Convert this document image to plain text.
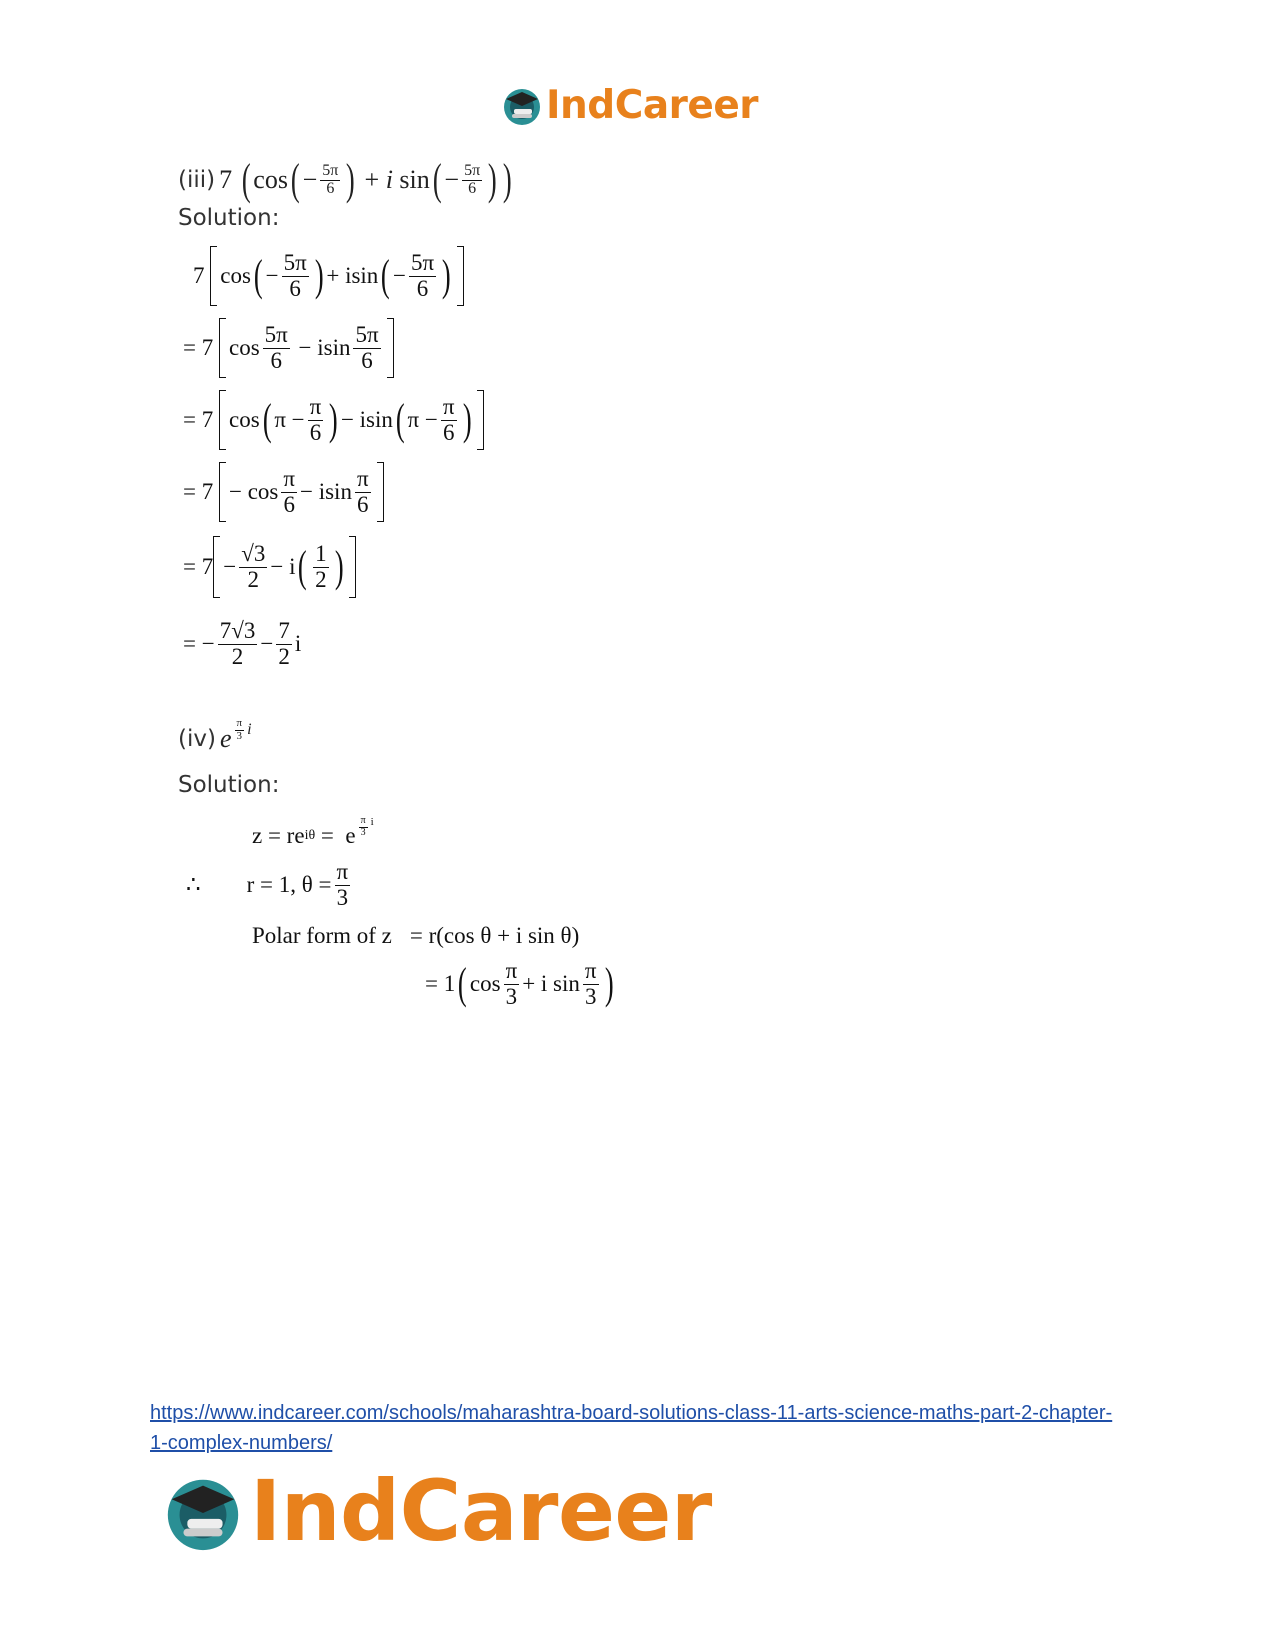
IndCareer
(iii) 7 ( cos ( − $\frac{5\pi}{6}$ ) + i sin ( − $\frac{5\pi}{6}$ ) )
Solution:
7
cos ( − $\frac{5\pi}{6}$ ) + isin ( − $\frac{5\pi}{6}$ )
= 7
$\cos \frac{5\pi}{6} - isin \frac{5\pi}{6}$
= 7
cos ( $\pi - \frac{\pi}{6}$ ) − isin ( $\pi - \frac{\pi}{6}$ )
= 7
− $\cos \frac{\pi}{6} - isin \frac{\pi}{6}$
= $7 - \frac{√3}{2} - i$ ( $\frac{1}{2}$ )
= − $\frac{7√3}{2} - \frac{7}{2}$ i
(iv) e $\frac{\pi}{3}$ i
Solution:
z = re iθ =  e $\frac{\pi}{3}$ i
∴ r = 1, $\theta = \frac{\pi}{3}$
Polar form of z = r(cos θ + i sin θ)
= 1 ( $\cos \frac{\pi}{3} + i$ $\sin \frac{\pi}{3}$ )
https://www.indcareer.com/schools/maharashtra-board-solutions-class-11-arts-science-maths-part-2-chapter-1-complex-numbers/
IndCareer
